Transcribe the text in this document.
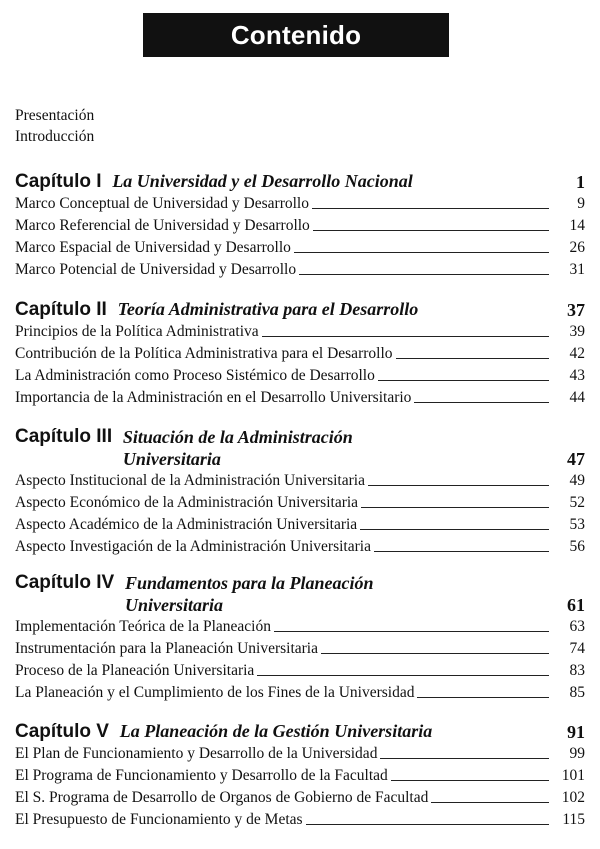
Contenido
Presentación
Introducción
Capítulo I La Universidad y el Desarrollo Nacional	1
Marco Conceptual de Universidad y Desarrollo	9
Marco Referencial de Universidad y Desarrollo	14
Marco Espacial de Universidad y Desarrollo	26
Marco Potencial de Universidad y Desarrollo	31
Capítulo II Teoría Administrativa para el Desarrollo	37
Principios de la Política Administrativa	39
Contribución de la Política Administrativa para el Desarrollo	42
La Administración como Proceso Sistémico de Desarrollo	43
Importancia de la Administración en el Desarrollo Universitario	44
Capítulo III Situación de la Administración Universitaria	47
Aspecto Institucional de la Administración Universitaria	49
Aspecto Económico de la Administración Universitaria	52
Aspecto Académico de la Administración Universitaria	53
Aspecto Investigación de la Administración Universitaria	56
Capítulo IV Fundamentos para la Planeación Universitaria	61
Implementación Teórica de la Planeación	63
Instrumentación para la Planeación Universitaria	74
Proceso de la Planeación Universitaria	83
La Planeación y el Cumplimiento de los Fines de la Universidad	85
Capítulo V La Planeación de la Gestión Universitaria	91
El Plan de Funcionamiento y Desarrollo de la Universidad	99
El Programa de Funcionamiento y Desarrollo de la Facultad	101
El S. Programa de Desarrollo de Organos de Gobierno de Facultad	102
El Presupuesto de Funcionamiento y de Metas	115
